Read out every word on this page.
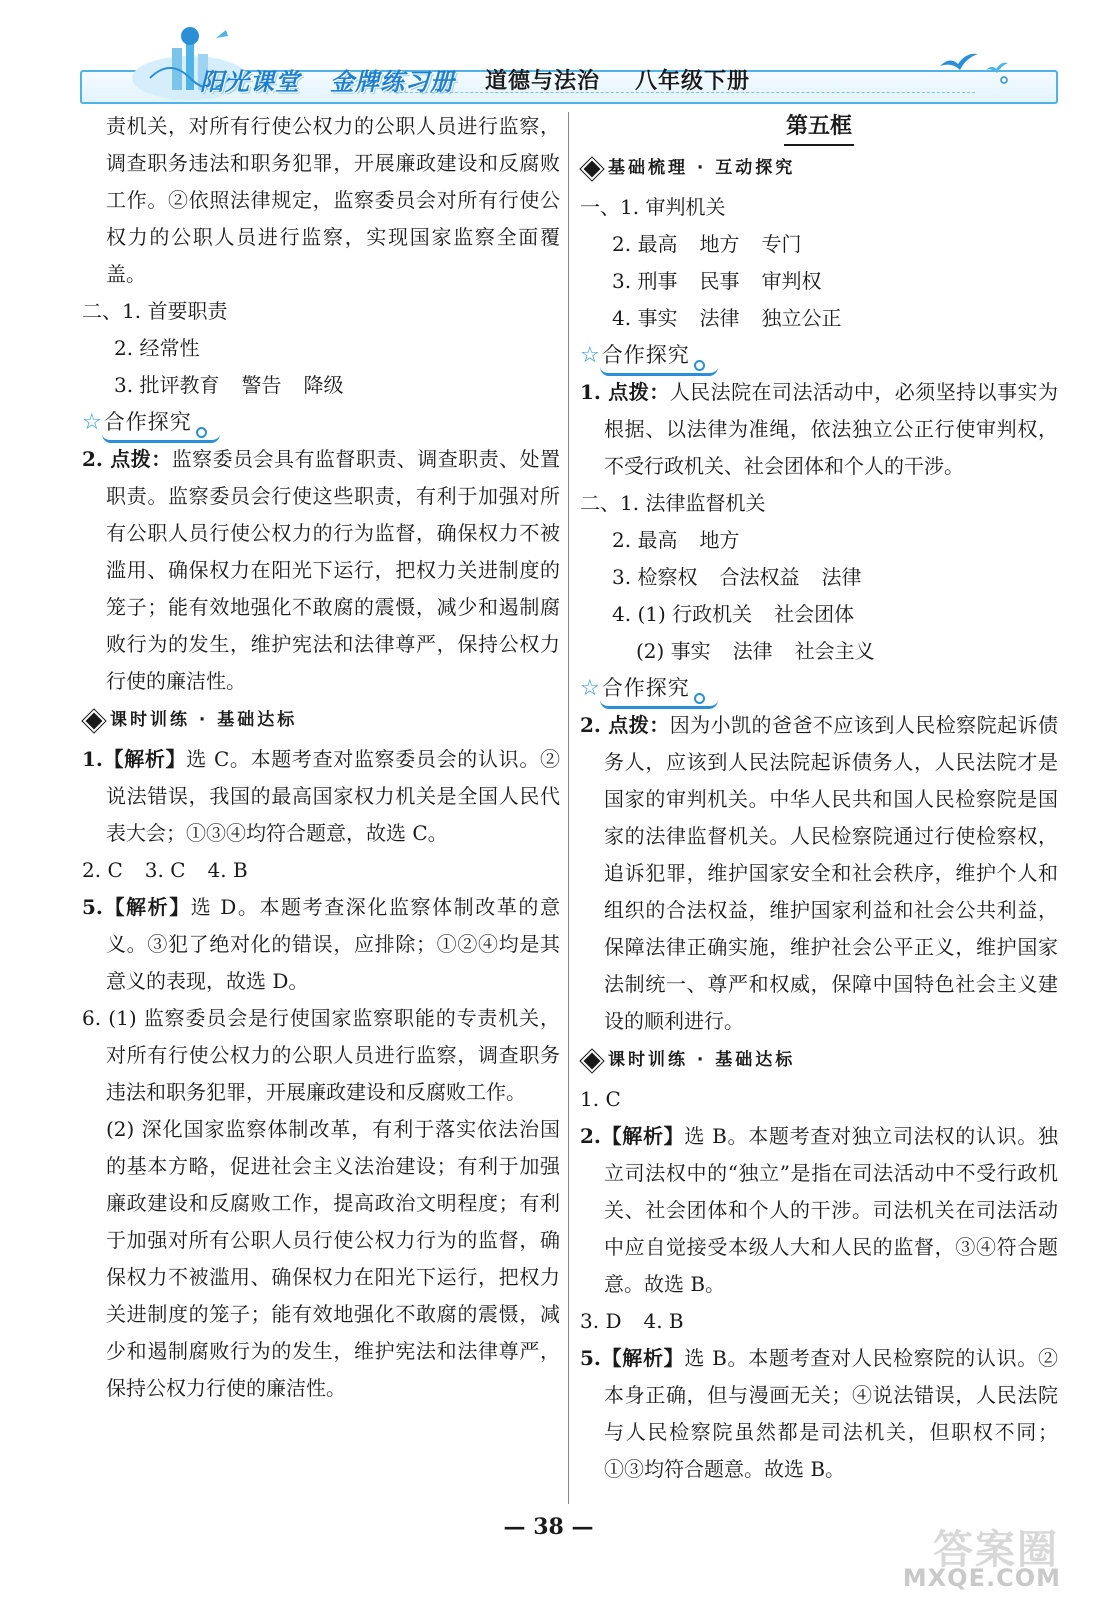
阳光课堂 金牌练习册 道德与法治 八年级下册

责机关，对所有行使公权力的公职人员进行监察，调查职务违法和职务犯罪，开展廉政建设和反腐败工作。②依照法律规定，监察委员会对所有行使公权力的公职人员进行监察，实现国家监察全面覆盖。

二、1. 首要职责

2. 经常性

3. 批评教育 警告 降级

☆ 合作探究

2. 点拨：监察委员会具有监督职责、调查职责、处置职责。监察委员会行使这些职责，有利于加强对所有公职人员行使公权力的行为监督，确保权力不被滥用、确保权力在阳光下运行，把权力关进制度的笼子；能有效地强化不敢腐的震慑，减少和遏制腐败行为的发生，维护宪法和法律尊严，保持公权力行使的廉洁性。

课时训练 · 基础达标

1.【解析】选 C。本题考查对监察委员会的认识。②说法错误，我国的最高国家权力机关是全国人民代表大会；①③④均符合题意，故选 C。

2. C 3. C 4. B

5.【解析】选 D。本题考查深化监察体制改革的意义。③犯了绝对化的错误，应排除；①②④均是其意义的表现，故选 D。

6. (1) 监察委员会是行使国家监察职能的专责机关，对所有行使公权力的公职人员进行监察，调查职务违法和职务犯罪，开展廉政建设和反腐败工作。

(2) 深化国家监察体制改革，有利于落实依法治国的基本方略，促进社会主义法治建设；有利于加强廉政建设和反腐败工作，提高政治文明程度；有利于加强对所有公职人员行使公权力行为的监督，确保权力不被滥用、确保权力在阳光下运行，把权力关进制度的笼子；能有效地强化不敢腐的震慑，减少和遏制腐败行为的发生，维护宪法和法律尊严，保持公权力行使的廉洁性。

第五框
基础梳理 · 互动探究

一、1. 审判机关

2. 最高 地方 专门

3. 刑事 民事 审判权

4. 事实 法律 独立公正

☆ 合作探究

1. 点拨：人民法院在司法活动中，必须坚持以事实为根据、以法律为准绳，依法独立公正行使审判权，不受行政机关、社会团体和个人的干涉。

二、1. 法律监督机关

2. 最高 地方

3. 检察权 合法权益 法律

4. (1) 行政机关 社会团体

(2) 事实 法律 社会主义

☆ 合作探究

2. 点拨：因为小凯的爸爸不应该到人民检察院起诉债务人，应该到人民法院起诉债务人，人民法院才是国家的审判机关。中华人民共和国人民检察院是国家的法律监督机关。人民检察院通过行使检察权，追诉犯罪，维护国家安全和社会秩序，维护个人和组织的合法权益，维护国家利益和社会公共利益，保障法律正确实施，维护社会公平正义，维护国家法制统一、尊严和权威，保障中国特色社会主义建设的顺利进行。

课时训练 · 基础达标

1. C

2.【解析】选 B。本题考查对独立司法权的认识。独立司法权中的“独立”是指在司法活动中不受行政机关、社会团体和个人的干涉。司法机关在司法活动中应自觉接受本级人大和人民的监督，③④符合题意。故选 B。

3. D 4. B

5.【解析】选 B。本题考查对人民检察院的认识。②本身正确，但与漫画无关；④说法错误，人民法院与人民检察院虽然都是司法机关，但职权不同；①③均符合题意。故选 B。

— 38 —	答案圈
MXQE.COM
